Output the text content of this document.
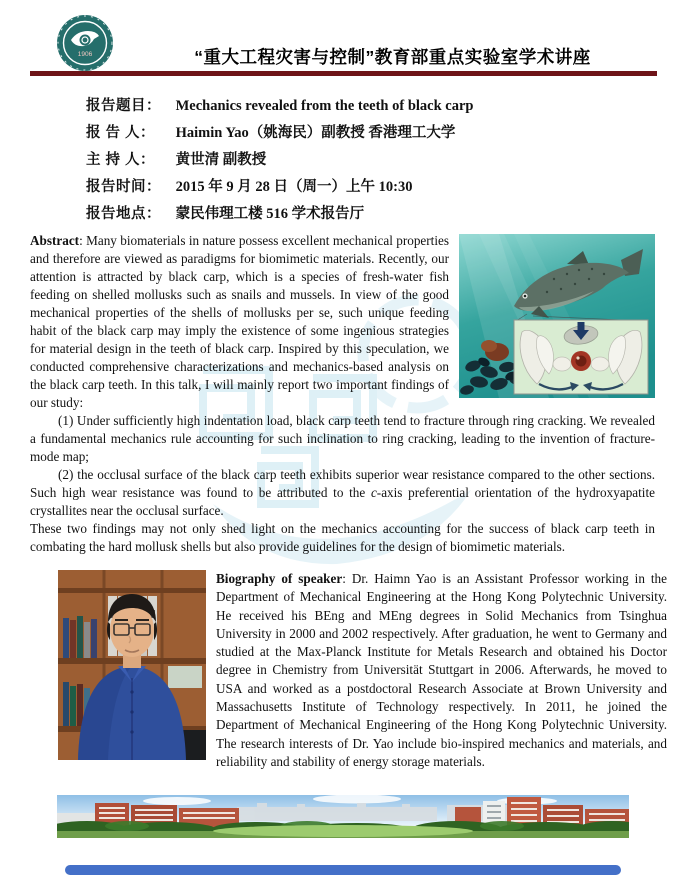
1906	“重大工程灾害与控制”教育部重点实验室学术讲座
报告题目： Mechanics revealed from the teeth of black carp
报 告 人： Haimin Yao（姚海民）副教授 香港理工大学
主 持 人： 黄世清 副教授
报告时间： 2015 年 9 月 28 日（周一）上午 10:30
报告地点： 蒙民伟理工楼 516 学术报告厅

Abstract: Many biomaterials in nature possess excellent mechanical properties and therefore are viewed as paradigms for biomimetic materials. Recently, our attention is attracted by black carp, which is a species of fresh-water fish feeding on shelled mollusks such as snails and mussels. In view of the good mechanical properties of the shells of mollusks per se, such unique feeding habit of the black carp may imply the existence of some ingenious strategies for material design in the teeth of black carp. Inspired by this speculation, we conducted comprehensive characterizations and mechanics-based analysis on the black carp teeth. In this talk, I will mainly report two important findings of our study:

(1) Under sufficiently high indentation load, black carp teeth tend to fracture through ring cracking. We revealed a fundamental mechanics rule accounting for such inclination to ring cracking, leading to the invention of fracture-mode map;

(2) the occlusal surface of the black carp teeth exhibits superior wear resistance compared to the other sections. Such high wear resistance was found to be attributed to the c-axis preferential orientation of the hydroxyapatite crystallites near the occlusal surface.

These two findings may not only shed light on the mechanics accounting for the success of black carp teeth in combating the hard mollusk shells but also provide guidelines for the design of biomimetic materials.

Biography of speaker: Dr. Haimn Yao is an Assistant Professor working in the Department of Mechanical Engineering at the Hong Kong Polytechnic University. He received his BEng and MEng degrees in Solid Mechanics from Tsinghua University in 2000 and 2002 respectively. After graduation, he went to Germany and studied at the Max-Planck Institute for Metals Research and obtained his Doctor degree in Chemistry from Universität Stuttgart in 2006. Afterwards, he moved to USA and worked as a postdoctoral Research Associate at Brown University and Massachusetts Institute of Technology respectively. In 2011, he joined the Department of Mechanical Engineering of the Hong Kong Polytechnic University. The research interests of Dr. Yao include bio-inspired mechanics and materials, and reliability and stability of energy storage materials.
